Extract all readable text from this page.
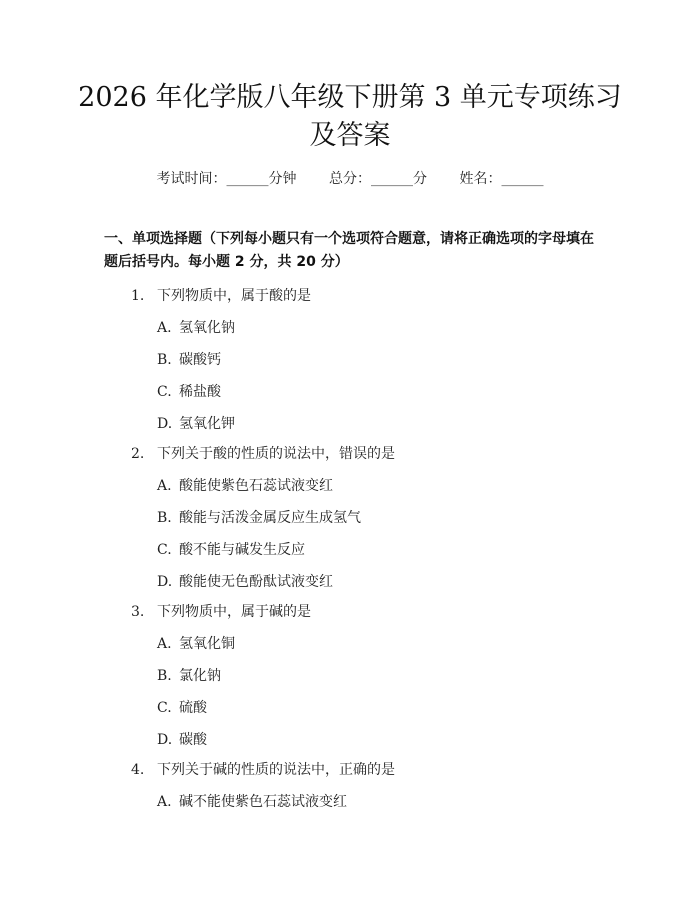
2026 年化学版八年级下册第 3 单元专项练习
及答案
考试时间：______分钟 总分：______分 姓名：______
一、单项选择题（下列每小题只有一个选项符合题意，请将正确选项的字母填在
题后括号内。每小题 2 分，共 20 分）
1. 下列物质中，属于酸的是
A. 氢氧化钠
B. 碳酸钙
C. 稀盐酸
D. 氢氧化钾
2. 下列关于酸的性质的说法中，错误的是
A. 酸能使紫色石蕊试液变红
B. 酸能与活泼金属反应生成氢气
C. 酸不能与碱发生反应
D. 酸能使无色酚酞试液变红
3. 下列物质中，属于碱的是
A. 氢氧化铜
B. 氯化钠
C. 硫酸
D. 碳酸
4. 下列关于碱的性质的说法中，正确的是
A. 碱不能使紫色石蕊试液变红
